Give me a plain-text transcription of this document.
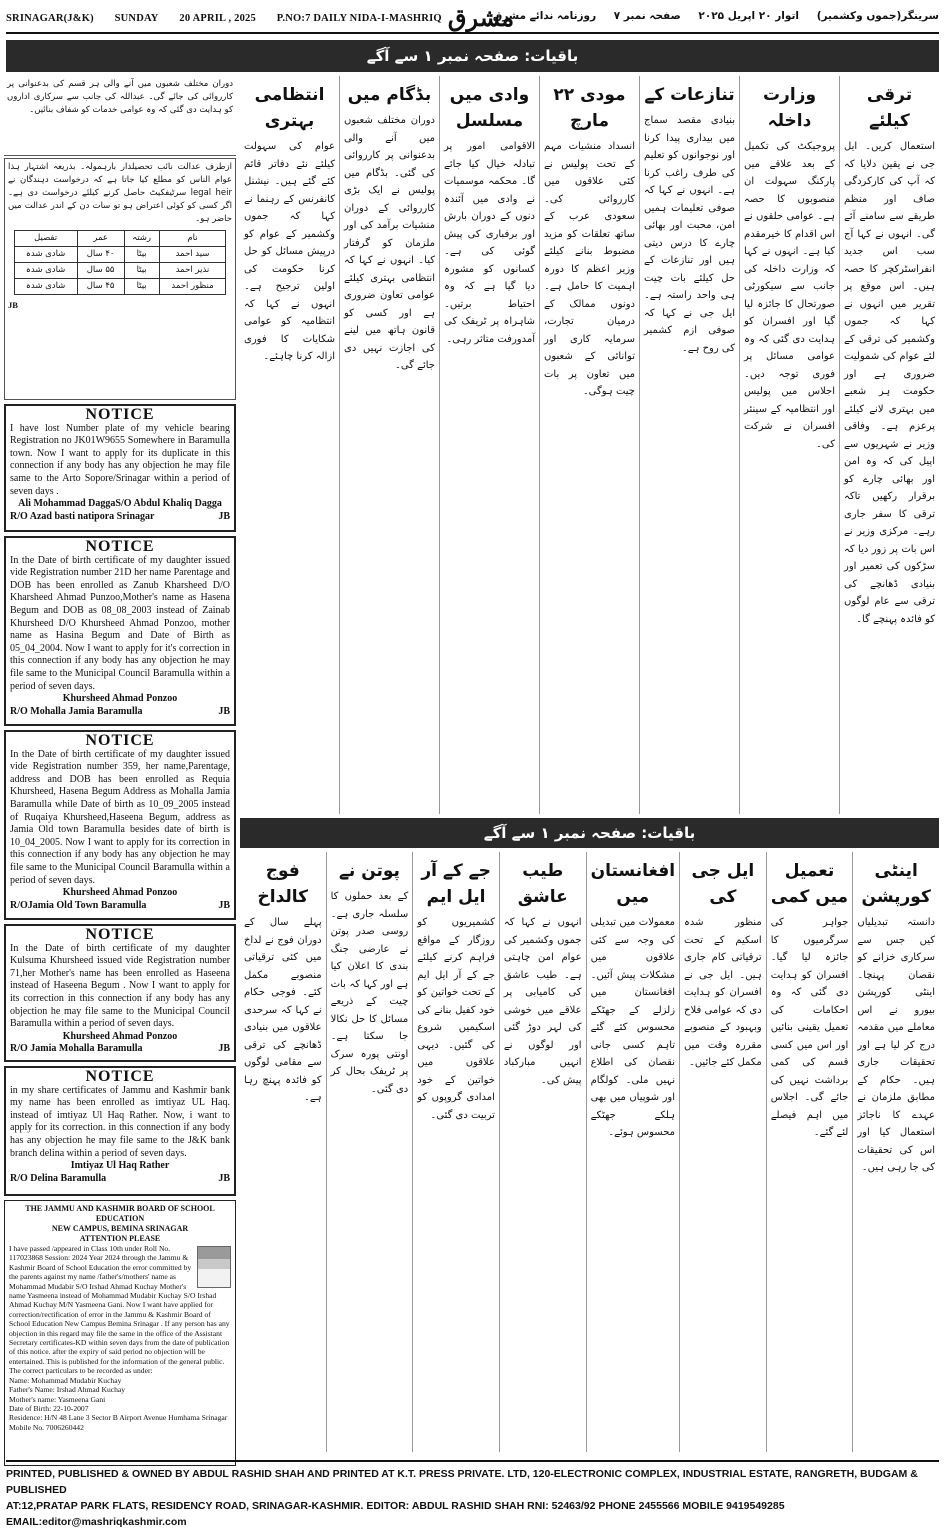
SRINAGAR(J&K) SUNDAY 20 APRIL , 2025 P.NO:7 DAILY NIDA-I-MASHRIQ مشرق	سرینگر(جموں وکشمیر) اتوار ۲۰ اپریل ۲۰۲۵ صفحہ نمبر ۷ روزنامہ ندائے مشرق
باقیات: صفحہ نمبر ۱ سے آگے
ترقی کیلئے

استعمال کریں۔ ایل جی نے یقین دلایا کہ کہ آپ کی کارکردگی صاف اور منظم طریقے سے سامنے آئے گی۔ انہوں نے کہا آج سب اس جدید انفراسٹرکچر کا حصہ ہیں۔ اس موقع پر تقریر میں انہوں نے کہا کہ جموں وکشمیر کی ترقی کے لئے عوام کی شمولیت ضروری ہے اور حکومت ہر شعبے میں بہتری لانے کیلئے پرعزم ہے۔ وفاقی وزیر نے شہریوں سے اپیل کی کہ وہ امن اور بھائی چارے کو برقرار رکھیں تاکہ ترقی کا سفر جاری رہے۔ مرکزی وزیر نے اس بات پر زور دیا کہ سڑکوں کی تعمیر اور بنیادی ڈھانچے کی ترقی سے عام لوگوں کو فائدہ پہنچے گا۔

وزارت داخلہ

پروجیکٹ کی تکمیل کے بعد علاقے میں پارکنگ سہولت ان منصوبوں کا حصہ ہے۔ عوامی حلقوں نے اس اقدام کا خیرمقدم کیا ہے۔ انہوں نے کہا کہ وزارت داخلہ کی جانب سے سیکورٹی صورتحال کا جائزہ لیا گیا اور افسران کو ہدایت دی گئی کہ وہ عوامی مسائل پر فوری توجہ دیں۔ اجلاس میں پولیس اور انتظامیہ کے سینئر افسران نے شرکت کی۔

تنازعات کے

بنیادی مقصد سماج میں بیداری پیدا کرنا اور نوجوانوں کو تعلیم کی طرف راغب کرنا ہے۔ انہوں نے کہا کہ صوفی تعلیمات ہمیں امن، محبت اور بھائی چارے کا درس دیتی ہیں اور تنازعات کے حل کیلئے بات چیت ہی واحد راستہ ہے۔ ایل جی نے کہا کہ صوفی ازم کشمیر کی روح ہے۔

مودی ۲۲ مارچ

انسداد منشیات مہم کے تحت پولیس نے کئی علاقوں میں کارروائی کی۔ سعودی عرب کے ساتھ تعلقات کو مزید مضبوط بنانے کیلئے وزیر اعظم کا دورہ اہمیت کا حامل ہے۔ دونوں ممالک کے درمیان تجارت، سرمایہ کاری اور توانائی کے شعبوں میں تعاون پر بات چیت ہوگی۔

وادی میں مسلسل

الاقوامی امور پر تبادلہ خیال کیا جائے گا۔ محکمہ موسمیات نے وادی میں آئندہ دنوں کے دوران بارش اور برفباری کی پیش گوئی کی ہے۔ کسانوں کو مشورہ دیا گیا ہے کہ وہ احتیاط برتیں۔ شاہراہ پر ٹریفک کی آمدورفت متاثر رہی۔

بڈگام میں

دوران مختلف شعبوں میں آنے والی بدعنوانی پر کارروائی کی گئی۔ بڈگام میں پولیس نے ایک بڑی کارروائی کے دوران منشیات برآمد کی اور ملزمان کو گرفتار کیا۔ انہوں نے کہا کہ انتظامی بہتری کیلئے عوامی تعاون ضروری ہے اور کسی کو قانون ہاتھ میں لینے کی اجازت نہیں دی جائے گی۔

انتظامی بہتری

عوام کی سہولت کیلئے نئے دفاتر قائم کئے گئے ہیں۔ نیشنل کانفرنس کے رہنما نے کہا کہ جموں وکشمیر کے عوام کو درپیش مسائل کو حل کرنا حکومت کی اولین ترجیح ہے۔ انہوں نے کہا کہ انتظامیہ کو عوامی شکایات کا فوری ازالہ کرنا چاہئے۔

باقیات: صفحہ نمبر ۱ سے آگے
اینٹی کورپشن

دانستہ تبدیلیاں کیں جس سے سرکاری خزانے کو نقصان پہنچا۔ اینٹی کورپشن بیورو نے اس معاملے میں مقدمہ درج کر لیا ہے اور تحقیقات جاری ہیں۔ حکام کے مطابق ملزمان نے عہدے کا ناجائز استعمال کیا اور اس کی تحقیقات کی جا رہی ہیں۔

تعمیل میں کمی

جواہر کی سرگرمیوں کا جائزہ لیا گیا۔ افسران کو ہدایت دی گئی کہ وہ احکامات کی تعمیل یقینی بنائیں اور اس میں کسی قسم کی کمی برداشت نہیں کی جائے گی۔ اجلاس میں اہم فیصلے لئے گئے۔

ایل جی کی

منظور شدہ اسکیم کے تحت ترقیاتی کام جاری ہیں۔ ایل جی نے افسران کو ہدایت دی کہ عوامی فلاح وبہبود کے منصوبے مقررہ وقت میں مکمل کئے جائیں۔

افغانستان میں

معمولات میں تبدیلی کی وجہ سے کئی علاقوں میں مشکلات پیش آئیں۔ افغانستان میں زلزلے کے جھٹکے محسوس کئے گئے تاہم کسی جانی نقصان کی اطلاع نہیں ملی۔ کولگام اور شوپیاں میں بھی ہلکے جھٹکے محسوس ہوئے۔

طیب عاشق

انہوں نے کہا کہ جموں وکشمیر کی عوام امن چاہتی ہے۔ طیب عاشق کی کامیابی پر علاقے میں خوشی کی لہر دوڑ گئی اور لوگوں نے انہیں مبارکباد پیش کی۔

جے کے آر ایل ایم

کشمیریوں کو روزگار کے مواقع فراہم کرنے کیلئے جے کے آر ایل ایم کے تحت خواتین کو خود کفیل بنانے کی اسکیمیں شروع کی گئیں۔ دیہی علاقوں میں خواتین کے خود امدادی گروپوں کو تربیت دی گئی۔

پوتن نے

کے بعد حملوں کا سلسلہ جاری ہے۔ روسی صدر پوتن نے عارضی جنگ بندی کا اعلان کیا ہے اور کہا کہ بات چیت کے ذریعے مسائل کا حل نکالا جا سکتا ہے۔ اونتی پورہ سرک پر ٹریفک بحال کر دی گئی۔

فوج کالداخ

پہلے سال کے دوران فوج نے لداخ میں کئی ترقیاتی منصوبے مکمل کئے۔ فوجی حکام نے کہا کہ سرحدی علاقوں میں بنیادی ڈھانچے کی ترقی سے مقامی لوگوں کو فائدہ پہنچ رہا ہے۔

دوران مختلف شعبوں میں آنے والی ہر قسم کی بدعنوانی پر کارروائی کی جائے گی۔ عبداللہ کی جانب سے سرکاری اداروں کو ہدایت دی گئی کہ وہ عوامی خدمات کو شفاف بنائیں۔

ازطرف عدالت نائب تحصیلدار بارہمولہ۔ بذریعہ اشتہار ہذا عوام الناس کو مطلع کیا جاتا ہے کہ درخواست دہندگان نے legal heir سرٹیفکیٹ حاصل کرنے کیلئے درخواست دی ہے۔ اگر کسی کو کوئی اعتراض ہو تو سات دن کے اندر عدالت میں حاضر ہو۔

نام	رشتہ	عمر	تفصیل
سید احمد	بیٹا	۴۰ سال	شادی شدہ
نذیر احمد	بیٹا	۵۵ سال	شادی شدہ
منظور احمد	بیٹا	۴۵ سال	شادی شدہ
JB
NOTICE
I have lost Number plate of my vehicle bearing Registration no JK01W9655 Somewhere in Baramulla town. Now I want to apply for its duplicate in this connection if any body has any objection he may file same to the Arto Sopore/Srinagar within a period of seven days .
Ali Mohammad DaggaS/O Abdul Khaliq Dagga
R/O Azad basti natipora Srinagar	JB
NOTICE
In the Date of birth certificate of my daughter issued vide Registration number 21D her name Parentage and DOB has been enrolled as Zanub Kharsheed D/O Kharsheed Ahmad Punzoo,Mother's name as Hasena Begum and DOB as 08_08_2003 instead of Zainab Khursheed D/O Khursheed Ahmad Ponzoo, mother name as Hasina Begum and Date of Birth as 05_04_2004. Now I want to apply for it's correction in this connection if any body has any objection he may file same to the Municipal Council Baramulla within a period of seven days.
Khursheed Ahmad Ponzoo
R/O Mohalla Jamia Baramulla	JB
NOTICE
In the Date of birth certificate of my daughter issued vide Registration number 359, her name,Parentage, address and DOB has been enrolled as Requia Khursheed, Hasena Begum Address as Mohalla Jamia Baramulla while Date of birth as 10_09_2005 instead of Ruqaiya Khursheed,Haseena Begum, address as Jamia Old town Baramulla besides date of birth is 10_04_2005. Now I want to apply for its correction in this connection if any body has any objection he may file same to the Municipal Council Baramulla within a period of seven days.
Khursheed Ahmad Ponzoo
R/OJamia Old Town Baramulla	JB
NOTICE
In the Date of birth certificate of my daughter Kulsuma Khursheed issued vide Registration number 71,her Mother's name has been enrolled as Haseena instead of Haseena Begum . Now I want to apply for its correction in this connection if any body has any objection he may file same to the Municipal Council Baramulla within a period of seven days.
Khursheed Ahmad Ponzoo
R/O Jamia Mohalla Baramulla	JB
NOTICE
in my share certificates of Jammu and Kashmir bank my name has been enrolled as imtiyaz UL Haq. instead of imtiyaz Ul Haq Rather. Now, i want to apply for its correction. in this connection if any body has any objection he may file same to the J&K bank branch delina within a period of seven days.
Imtiyaz Ul Haq Rather
R/O Delina Baramulla	JB
THE JAMMU AND KASHMIR BOARD OF SCHOOL EDUCATION
NEW CAMPUS, BEMINA SRINAGAR
ATTENTION PLEASE
I have passed /appeared in Class 10th under Roll No. 117023868 Session: 2024 Year 2024 through the Jammu & Kashmir Board of School Education the error committed by the parents against my name /father's/mothers' name as Mohammad Mudabir S/O Irshad Ahmad Kuchay Mother's name Yasmeena instead of Mohammad Mudabir Kuchay S/O Irshad Ahmad Kuchay M/N Yasmeena Gani. Now I want have applied for correction/rectification of error in the Jammu & Kashmir Board of School Education New Campus Bemina Srinagar . If any person has any objection in this regard may file the same in the office of the Assistant Secretary certificates-KD within seven days from the date of publication of this notice. after the expiry of said period no objection will be entertained. This is published for the information of the general public.
The correct particulars to be recorded as under:
Name: Mohammad Mudabir Kuchay
Father's Name: Irshad Ahmad Kuchay
Mother's name: Yasmeena Gani
Date of Birth: 22-10-2007
Residence: H/N 48 Lane 3 Sector B Airport Avenue Humhama Srinagar
Mobile No. 7006260442
PRINTED, PUBLISHED & OWNED BY ABDUL RASHID SHAH AND PRINTED AT K.T. PRESS PRIVATE. LTD, 120-ELECTRONIC COMPLEX, INDUSTRIAL ESTATE, RANGRETH, BUDGAM & PUBLISHED
AT:12,PRATAP PARK FLATS, RESIDENCY ROAD, SRINAGAR-KASHMIR. EDITOR: ABDUL RASHID SHAH RNI: 52463/92 PHONE 2455566 MOBILE 9419549285 EMAIL:editor@mashriqkashmir.com
